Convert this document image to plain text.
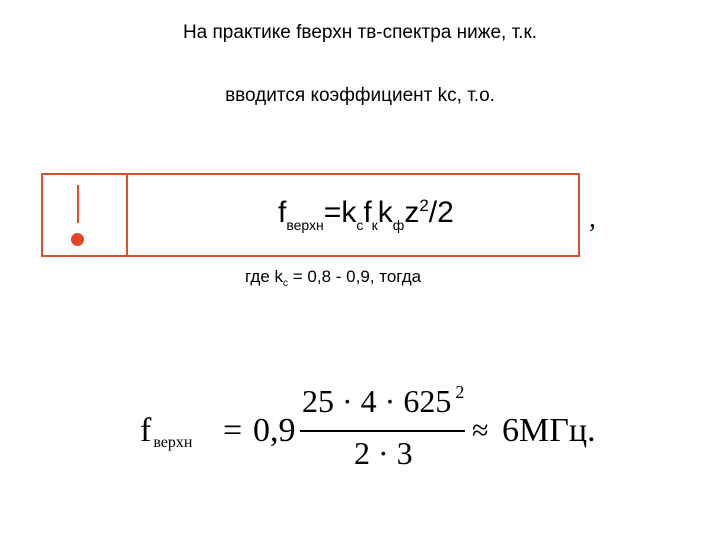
На практике fверхн тв-спектра ниже, т.к.
вводится коэффициент kc, т.о.
$f_{верхн}=k_cf_кk_фz^2/2$	,
где $k_c = 0,8 - 0,9$, тогда
f $_{верхн}$ = 0,9
25 · 4 · 625 $^2$
2 · 3
≈ 6МГц.
